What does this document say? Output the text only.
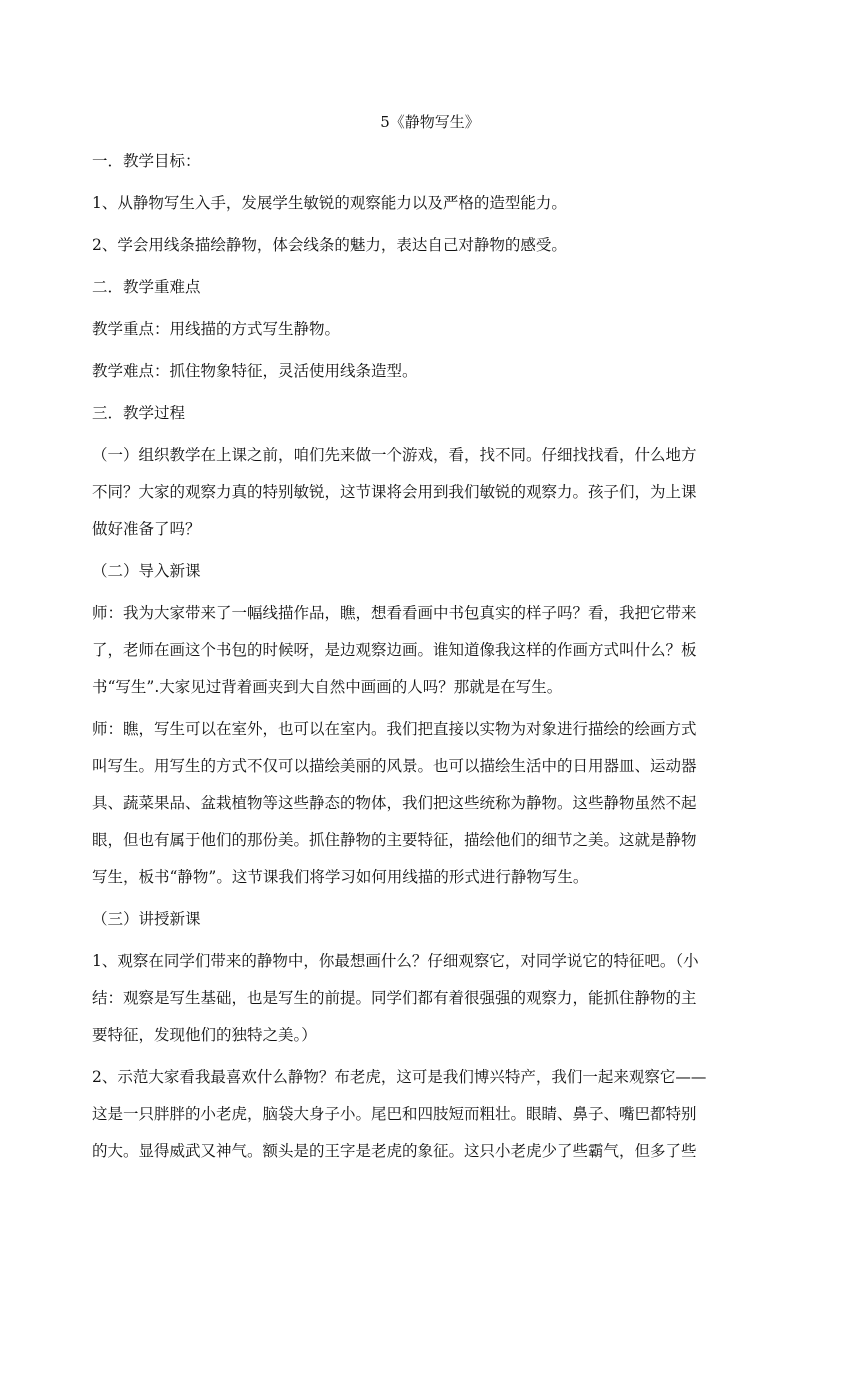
5《静物写生》

一．教学目标：

1、从静物写生入手，发展学生敏锐的观察能力以及严格的造型能力。

2、学会用线条描绘静物，体会线条的魅力，表达自己对静物的感受。

二．教学重难点

教学重点：用线描的方式写生静物。

教学难点：抓住物象特征，灵活使用线条造型。

三．教学过程

（一）组织教学在上课之前，咱们先来做一个游戏，看，找不同。仔细找找看，什么地方

不同？大家的观察力真的特别敏锐，这节课将会用到我们敏锐的观察力。孩子们，为上课

做好准备了吗？

（二）导入新课

师：我为大家带来了一幅线描作品，瞧，想看看画中书包真实的样子吗？看，我把它带来

了，老师在画这个书包的时候呀，是边观察边画。谁知道像我这样的作画方式叫什么？板

书“写生”.大家见过背着画夹到大自然中画画的人吗？那就是在写生。

师：瞧，写生可以在室外，也可以在室内。我们把直接以实物为对象进行描绘的绘画方式

叫写生。用写生的方式不仅可以描绘美丽的风景。也可以描绘生活中的日用器皿、运动器

具、蔬菜果品、盆栽植物等这些静态的物体，我们把这些统称为静物。这些静物虽然不起

眼，但也有属于他们的那份美。抓住静物的主要特征，描绘他们的细节之美。这就是静物

写生，板书“静物”。这节课我们将学习如何用线描的形式进行静物写生。

（三）讲授新课

1、观察在同学们带来的静物中，你最想画什么？仔细观察它，对同学说它的特征吧。（小

结：观察是写生基础，也是写生的前提。同学们都有着很强强的观察力，能抓住静物的主

要特征，发现他们的独特之美。）

2、示范大家看我最喜欢什么静物？布老虎，这可是我们博兴特产，我们一起来观察它——

这是一只胖胖的小老虎，脑袋大身子小。尾巴和四肢短而粗壮。眼睛、鼻子、嘴巴都特别

的大。显得威武又神气。额头是的王字是老虎的象征。这只小老虎少了些霸气，但多了些
